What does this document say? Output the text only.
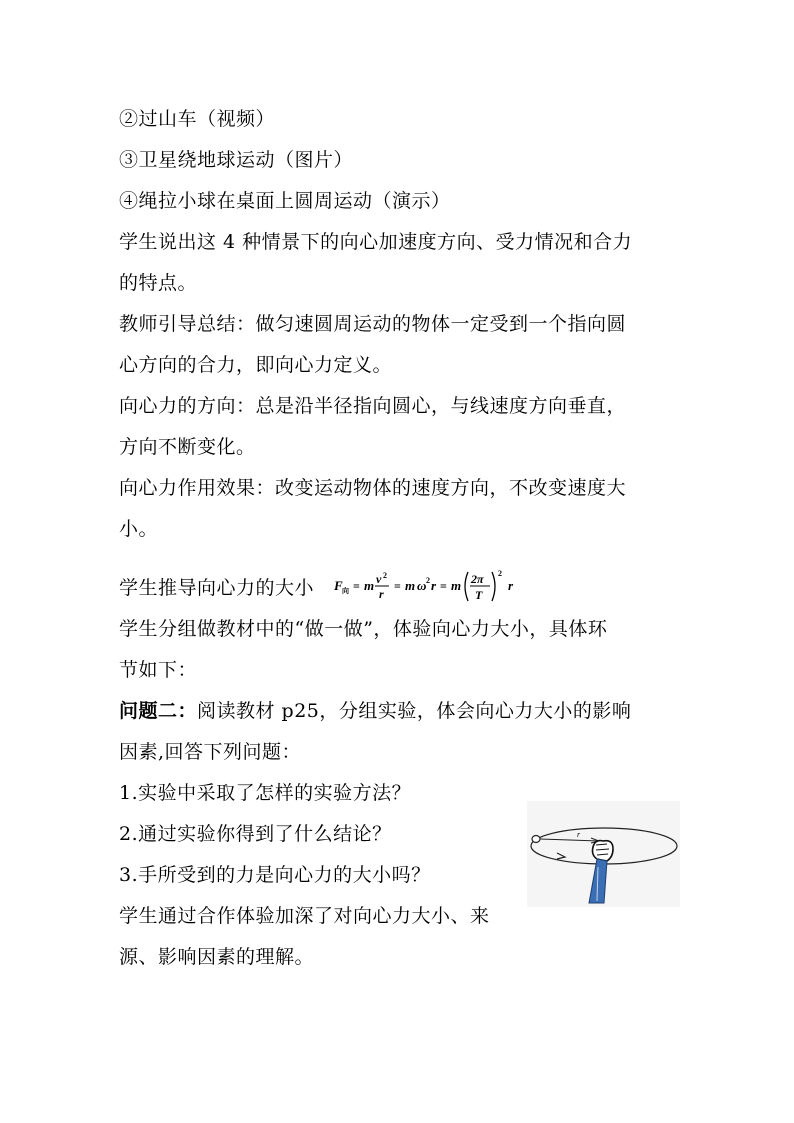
②过山车（视频）
③卫星绕地球运动（图片）
④绳拉小球在桌面上圆周运动（演示）
学生说出这 4 种情景下的向心加速度方向、受力情况和合力
的特点。
教师引导总结：做匀速圆周运动的物体一定受到一个指向圆
心方向的合力，即向心力定义。
向心力的方向：总是沿半径指向圆心，与线速度方向垂直，
方向不断变化。
向心力作用效果：改变运动物体的速度方向，不改变速度大
小。
学生推导向心力的大小 F 向 = m v 2
r
= m ω 2 r = m 2π
T
2
r
学生分组做教材中的“做一做”，体验向心力大小，具体环
节如下：
问题二：阅读教材 p25，分组实验，体会向心力大小的影响
因素,回答下列问题：
1.实验中采取了怎样的实验方法？
2.通过实验你得到了什么结论？
3.手所受到的力是向心力的大小吗？
学生通过合作体验加深了对向心力大小、来
源、影响因素的理解。
r
